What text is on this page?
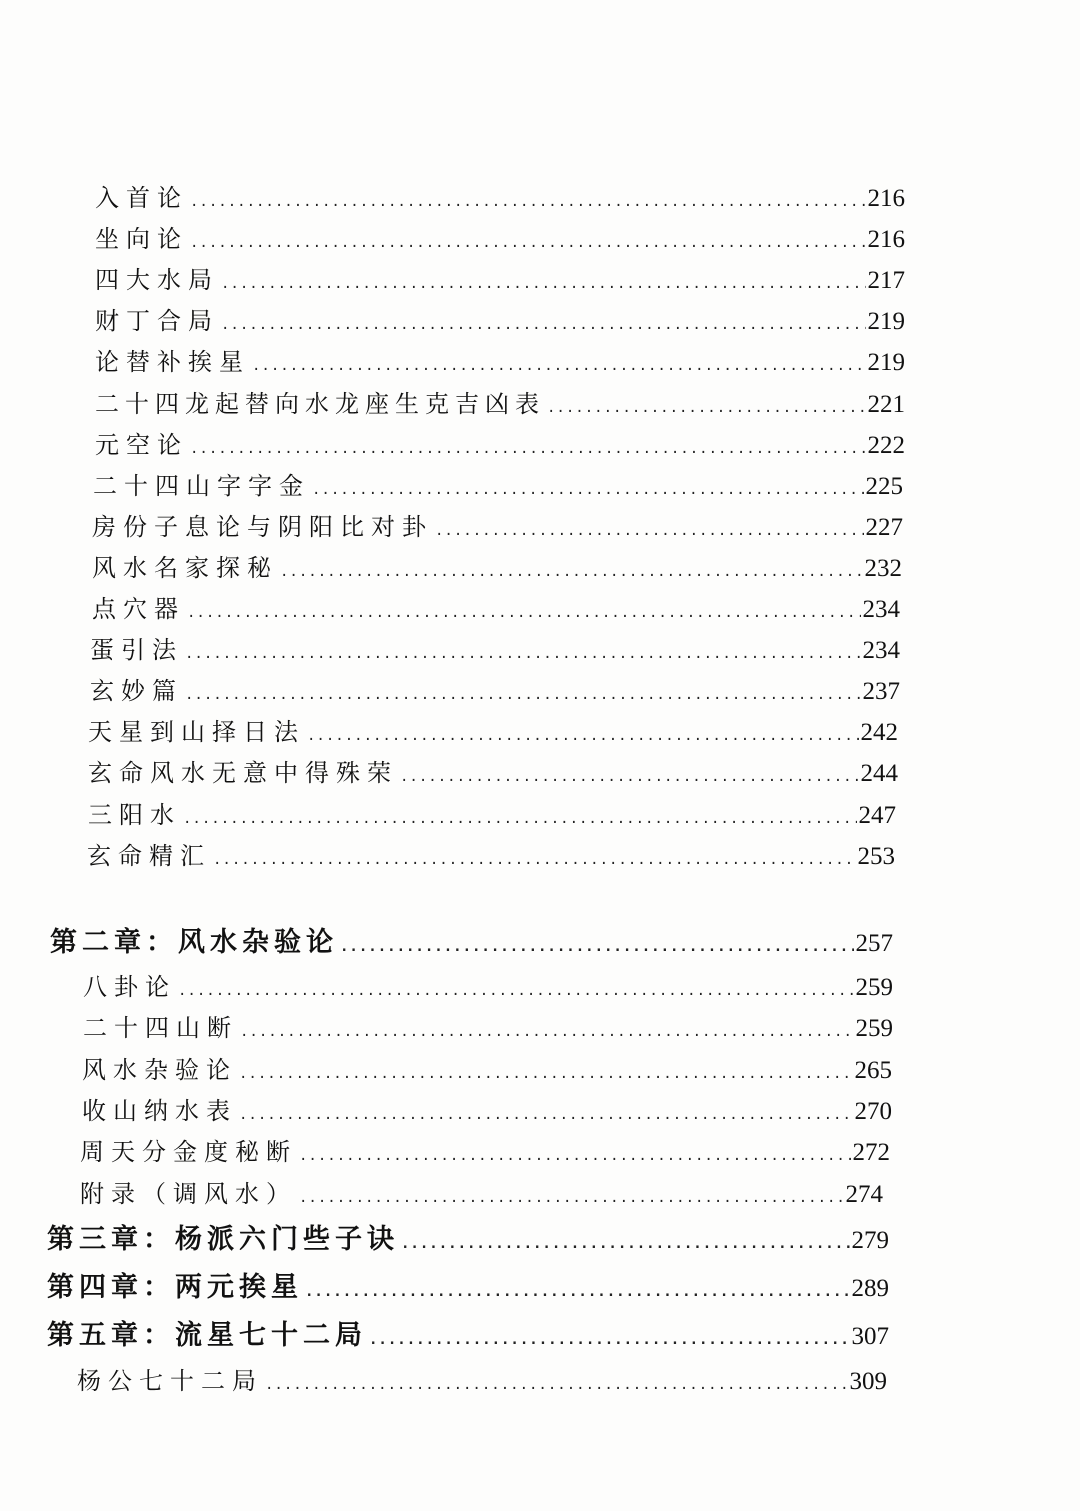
入首论 .....	216
坐向论 .....	216
四大水局 .....	217
财丁合局 .....	219
论替补挨星 .....	219
二十四龙起替向水龙座生克吉凶表 .....	221
元空论 .....	222
二十四山字字金 .....	225
房份子息论与阴阳比对卦 .....	227
风水名家探秘 .....	232
点穴器 .....	234
蛋引法 .....	234
玄妙篇 .....	237
天星到山择日法 .....	242
玄命风水无意中得殊荣 .....	244
三阳水 .....	247
玄命精汇 .....	253
第二章：风水杂验论 .....	257
八卦论 .....	259
二十四山断 .....	259
风水杂验论 .....	265
收山纳水表 .....	270
周天分金度秘断 .....	272
附录（调风水） .....	274
第三章：杨派六门些子诀 .....	279
第四章：两元挨星 .....	289
第五章：流星七十二局 .....	307
杨公七十二局 .....	309
